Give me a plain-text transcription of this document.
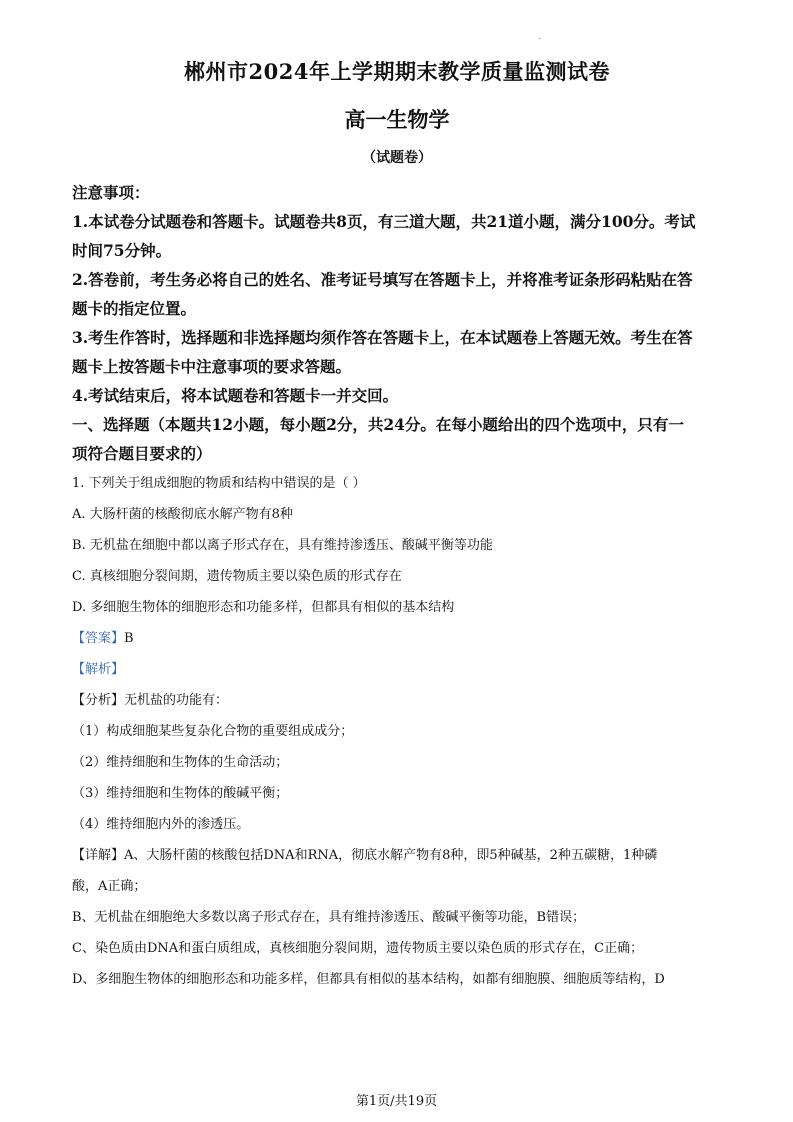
.
郴州市2024年上学期期末教学质量监测试卷
高一生物学
（试题卷）

注意事项：

1.本试卷分试题卷和答题卡。试题卷共8页，有三道大题，共21道小题，满分100分。考试

时间75分钟。

2.答卷前，考生务必将自己的姓名、准考证号填写在答题卡上，并将准考证条形码粘贴在答

题卡的指定位置。

3.考生作答时，选择题和非选择题均须作答在答题卡上，在本试题卷上答题无效。考生在答

题卡上按答题卡中注意事项的要求答题。

4.考试结束后，将本试题卷和答题卡一并交回。

一、选择题（本题共12小题，每小题2分，共24分。在每小题给出的四个选项中，只有一

项符合题目要求的）

1. 下列关于组成细胞的物质和结构中错误的是（ ）

A. 大肠杆菌的核酸彻底水解产物有8种

B. 无机盐在细胞中都以离子形式存在，具有维持渗透压、酸碱平衡等功能

C. 真核细胞分裂间期，遗传物质主要以染色质的形式存在

D. 多细胞生物体的细胞形态和功能多样，但都具有相似的基本结构

【答案】B

【解析】

【分析】无机盐的功能有：

（1）构成细胞某些复杂化合物的重要组成成分；

（2）维持细胞和生物体的生命活动；

（3）维持细胞和生物体的酸碱平衡；

（4）维持细胞内外的渗透压。

【详解】A、大肠杆菌的核酸包括DNA和RNA，彻底水解产物有8种，即5种碱基，2种五碳糖，1种磷

酸，A正确；

B、无机盐在细胞绝大多数以离子形式存在，具有维持渗透压、酸碱平衡等功能，B错误；

C、染色质由DNA和蛋白质组成，真核细胞分裂间期，遗传物质主要以染色质的形式存在，C正确；

D、多细胞生物体的细胞形态和功能多样，但都具有相似的基本结构，如都有细胞膜、细胞质等结构，D

第1页/共19页
